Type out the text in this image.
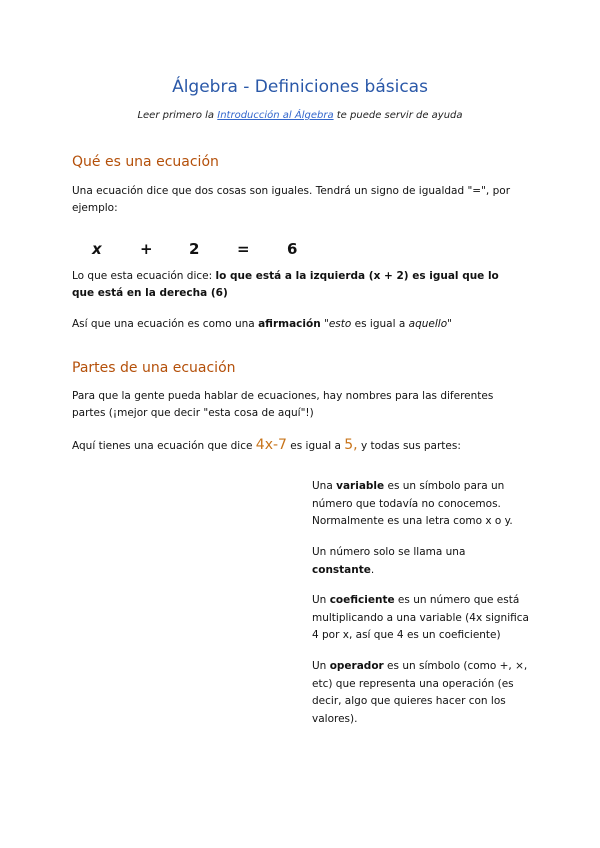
Álgebra - Definiciones básicas
Leer primero la Introducción al Álgebra te puede servir de ayuda
Qué es una ecuación
Una ecuación dice que dos cosas son iguales. Tendrá un signo de igualdad "=", por ejemplo:
x	+ 2	= 6
Lo que esta ecuación dice: lo que está a la izquierda (x + 2) es igual que lo que está en la derecha (6)
Así que una ecuación es como una afirmación "esto es igual a aquello"
Partes de una ecuación
Para que la gente pueda hablar de ecuaciones, hay nombres para las diferentes partes (¡mejor que decir "esta cosa de aquí"!)
Aquí tienes una ecuación que dice 4x-7 es igual a 5, y todas sus partes:
Una variable es un símbolo para un número que todavía no conocemos. Normalmente es una letra como x o y.
Un número solo se llama una constante.
Un coeficiente es un número que está multiplicando a una variable (4x significa 4 por x, así que 4 es un coeficiente)
Un operador es un símbolo (como +, ×, etc) que representa una operación (es decir, algo que quieres hacer con los valores).
